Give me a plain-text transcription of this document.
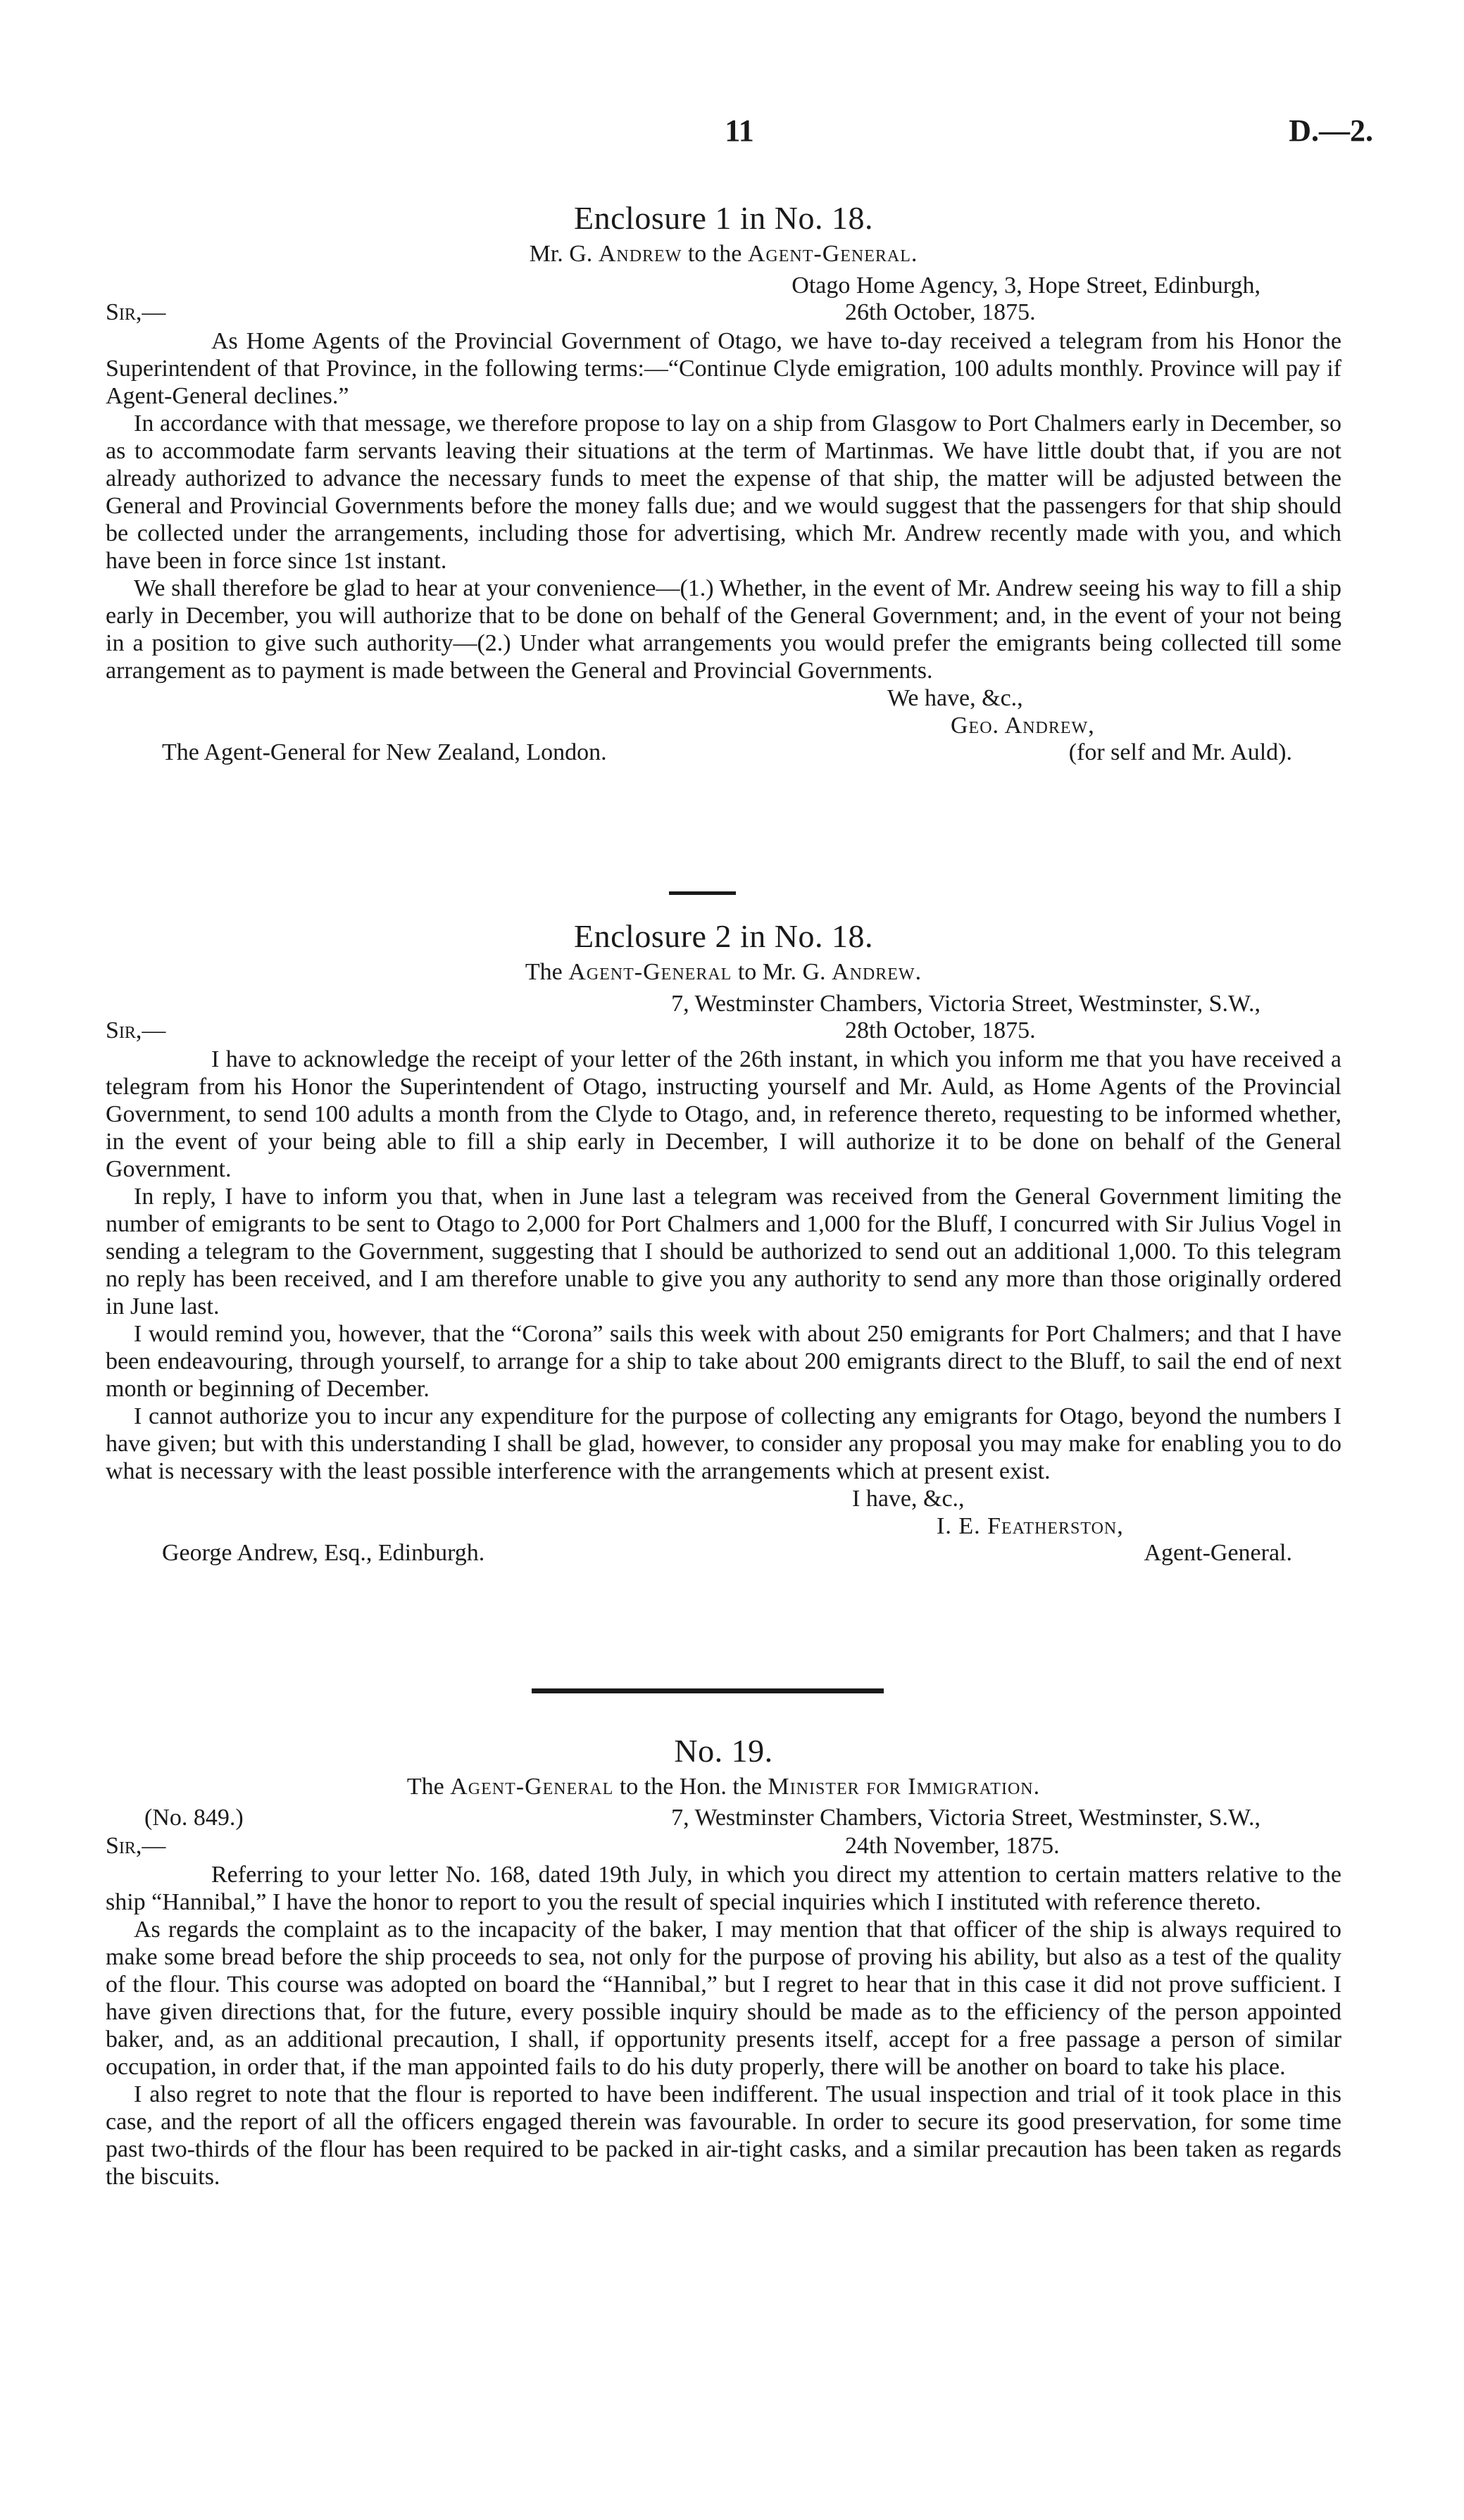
11	D.—2.
Enclosure 1 in No. 18.
Mr. G. Andrew to the Agent-General.
Otago Home Agency, 3, Hope Street, Edinburgh,
Sir,—	26th October, 1875.

As Home Agents of the Provincial Government of Otago, we have to-day received a telegram from his Honor the Superintendent of that Province, in the following terms:—“Continue Clyde emigration, 100 adults monthly. Province will pay if Agent-General declines.”

In accordance with that message, we therefore propose to lay on a ship from Glasgow to Port Chalmers early in December, so as to accommodate farm servants leaving their situations at the term of Martinmas. We have little doubt that, if you are not already authorized to advance the necessary funds to meet the expense of that ship, the matter will be adjusted between the General and Provincial Governments before the money falls due; and we would suggest that the passengers for that ship should be collected under the arrangements, including those for advertising, which Mr. Andrew recently made with you, and which have been in force since 1st instant.

We shall therefore be glad to hear at your convenience—(1.) Whether, in the event of Mr. Andrew seeing his way to fill a ship early in December, you will authorize that to be done on behalf of the General Government; and, in the event of your not being in a position to give such authority—(2.) Under what arrangements you would prefer the emigrants being collected till some arrangement as to payment is made between the General and Provincial Governments.

We have, &c.,
Geo. Andrew,
The Agent-General for New Zealand, London.	(for self and Mr. Auld).
Enclosure 2 in No. 18.
The Agent-General to Mr. G. Andrew.
7, Westminster Chambers, Victoria Street, Westminster, S.W.,
Sir,—	28th October, 1875.

I have to acknowledge the receipt of your letter of the 26th instant, in which you inform me that you have received a telegram from his Honor the Superintendent of Otago, instructing yourself and Mr. Auld, as Home Agents of the Provincial Government, to send 100 adults a month from the Clyde to Otago, and, in reference thereto, requesting to be informed whether, in the event of your being able to fill a ship early in December, I will authorize it to be done on behalf of the General Government.

In reply, I have to inform you that, when in June last a telegram was received from the General Government limiting the number of emigrants to be sent to Otago to 2,000 for Port Chalmers and 1,000 for the Bluff, I concurred with Sir Julius Vogel in sending a telegram to the Government, suggesting that I should be authorized to send out an additional 1,000. To this telegram no reply has been received, and I am therefore unable to give you any authority to send any more than those originally ordered in June last.

I would remind you, however, that the “Corona” sails this week with about 250 emigrants for Port Chalmers; and that I have been endeavouring, through yourself, to arrange for a ship to take about 200 emigrants direct to the Bluff, to sail the end of next month or beginning of December.

I cannot authorize you to incur any expenditure for the purpose of collecting any emigrants for Otago, beyond the numbers I have given; but with this understanding I shall be glad, however, to consider any proposal you may make for enabling you to do what is necessary with the least possible interference with the arrangements which at present exist.

I have, &c.,
I. E. Featherston,
George Andrew, Esq., Edinburgh.	Agent-General.
No. 19.
The Agent-General to the Hon. the Minister for Immigration.
(No. 849.)	7, Westminster Chambers, Victoria Street, Westminster, S.W.,
Sir,—	24th November, 1875.

Referring to your letter No. 168, dated 19th July, in which you direct my attention to certain matters relative to the ship “Hannibal,” I have the honor to report to you the result of special inquiries which I instituted with reference thereto.

As regards the complaint as to the incapacity of the baker, I may mention that that officer of the ship is always required to make some bread before the ship proceeds to sea, not only for the purpose of proving his ability, but also as a test of the quality of the flour. This course was adopted on board the “Hannibal,” but I regret to hear that in this case it did not prove sufficient. I have given directions that, for the future, every possible inquiry should be made as to the efficiency of the person appointed baker, and, as an additional precaution, I shall, if opportunity presents itself, accept for a free passage a person of similar occupation, in order that, if the man appointed fails to do his duty properly, there will be another on board to take his place.

I also regret to note that the flour is reported to have been indifferent. The usual inspection and trial of it took place in this case, and the report of all the officers engaged therein was favourable. In order to secure its good preservation, for some time past two-thirds of the flour has been required to be packed in air-tight casks, and a similar precaution has been taken as regards the biscuits.
